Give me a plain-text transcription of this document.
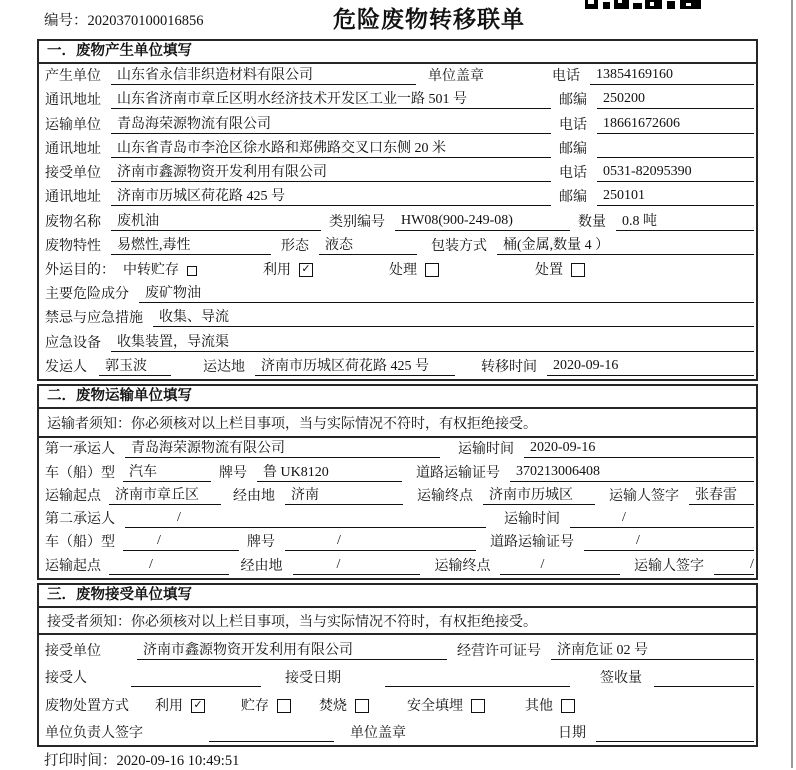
编号：2020370100016856	危险废物转移联单
一．废物产生单位填写
产生单位	山东省永信非织造材料有限公司	单位盖章	电话	13854169160
通讯地址	山东省济南市章丘区明水经济技术开发区工业一路 501 号	邮编	250200
运输单位	青岛海荣源物流有限公司	电话	18661672606
通讯地址	山东省青岛市李沧区徐水路和郑佛路交叉口东侧 20 米	邮编
接受单位	济南市鑫源物资开发利用有限公司	电话	0531-82095390
通讯地址	济南市历城区荷花路 425 号	邮编	250101
废物名称	废机油	类别编号	HW08(900-249-08)	数量	0.8 吨
废物特性	易燃性,毒性	形态	液态	包装方式	桶(金属,数量 4 ）
外运目的： 中转贮存	利用 ✓	处理	处置
主要危险成分	废矿物油
禁忌与应急措施	收集、导流
应急设备	收集装置，导流渠
发运人	郭玉波	运达地	济南市历城区荷花路 425 号	转移时间	2020-09-16
二．废物运输单位填写
运输者须知：你必须核对以上栏目事项，当与实际情况不符时，有权拒绝接受。
第一承运人	青岛海荣源物流有限公司	运输时间	2020-09-16
车（船）型	汽车	牌号	鲁 UK8120	道路运输证号	370213006408
运输起点	济南市章丘区	经由地	济南	运输终点	济南市历城区	运输人签字	张春雷
第二承运人	/	运输时间	/
车（船）型	/	牌号	/	道路运输证号	/
运输起点	/	经由地	/	运输终点	/	运输人签字	/
三．废物接受单位填写
接受者须知：你必须核对以上栏目事项，当与实际情况不符时，有权拒绝接受。
接受单位	济南市鑫源物资开发利用有限公司	经营许可证号	济南危证 02 号
接受人	接受日期	签收量
废物处置方式 利用 ✓	贮存	焚烧	安全填埋	其他
单位负责人签字	单位盖章	日期
打印时间：2020-09-16 10:49:51
